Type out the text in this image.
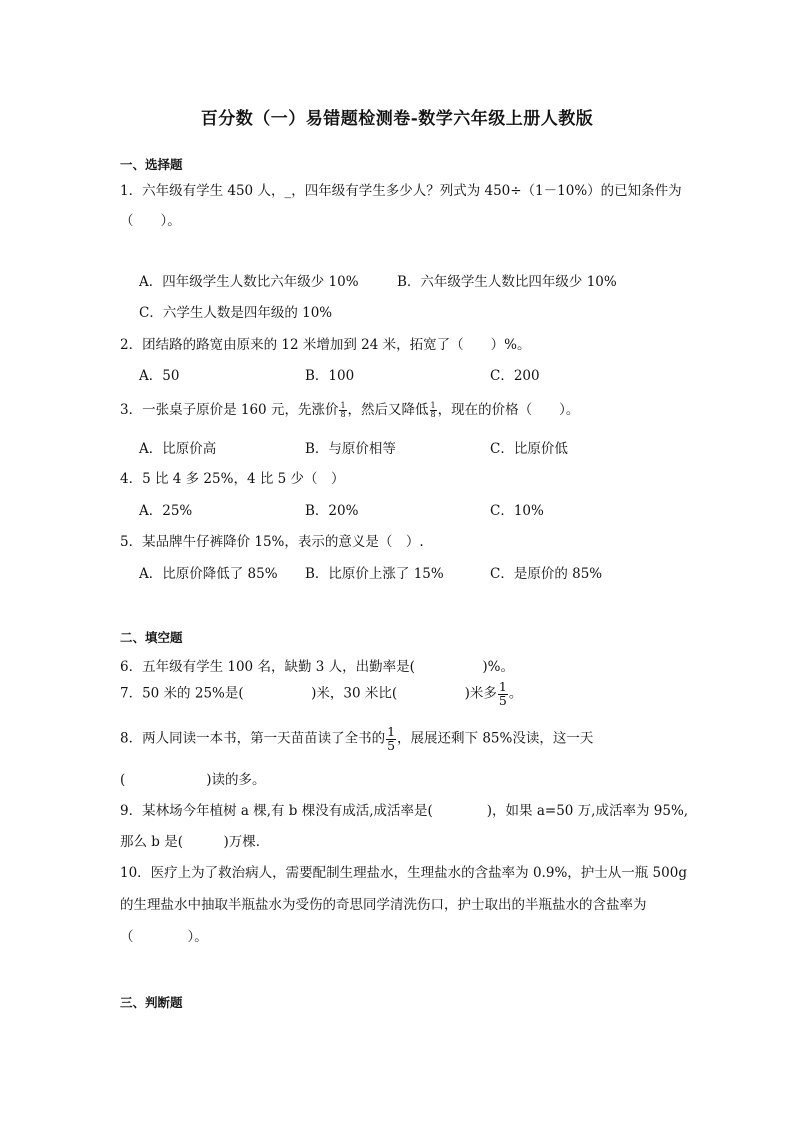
百分数（一）易错题检测卷-数学六年级上册人教版
一、选择题
1．六年级有学生 450 人，_，四年级有学生多少人？列式为 450÷（1－10%）的已知条件为
（　　）。
A．四年级学生人数比六年级少 10%	B．六年级学生人数比四年级少 10%
C．六学生人数是四年级的 10%
2．团结路的路宽由原来的 12 米增加到 24 米，拓宽了（　　）%。
A．50	B．100	C．200
3．一张桌子原价是 160 元，先涨价 $\frac{1}{8}$ ，然后又降低 $\frac{1}{8}$ ，现在的价格（　　）。
A．比原价高	B．与原价相等	C．比原价低
4．5 比 4 多 25%，4 比 5 少（　）
A．25%	B．20%	C．10%
5．某品牌牛仔裤降价 15%，表示的意义是（　）.
A．比原价降低了 85% B．比原价上涨了 15%	C．是原价的 85%
二、填空题
6．五年级有学生 100 名，缺勤 3 人，出勤率是(　　　　　)%。
7．50 米的 25%是(　　　　　)米，30 米比(　　　　　)米多 $\frac{1}{5}$ 。
8．两人同读一本书，第一天苗苗读了全书的 $\frac{1}{5}$ ，展展还剩下 85%没读，这一天
(　　　　　　)读的多。
9．某林场今年植树 a 棵,有 b 棵没有成活,成活率是(　　　　)，如果 a=50 万,成活率为 95%,
那么 b 是(　　　)万棵．
10．医疗上为了救治病人，需要配制生理盐水，生理盐水的含盐率为 0.9%，护士从一瓶 500g
的生理盐水中抽取半瓶盐水为受伤的奇思同学清洗伤口，护士取出的半瓶盐水的含盐率为
（　　　　）。
三、判断题
